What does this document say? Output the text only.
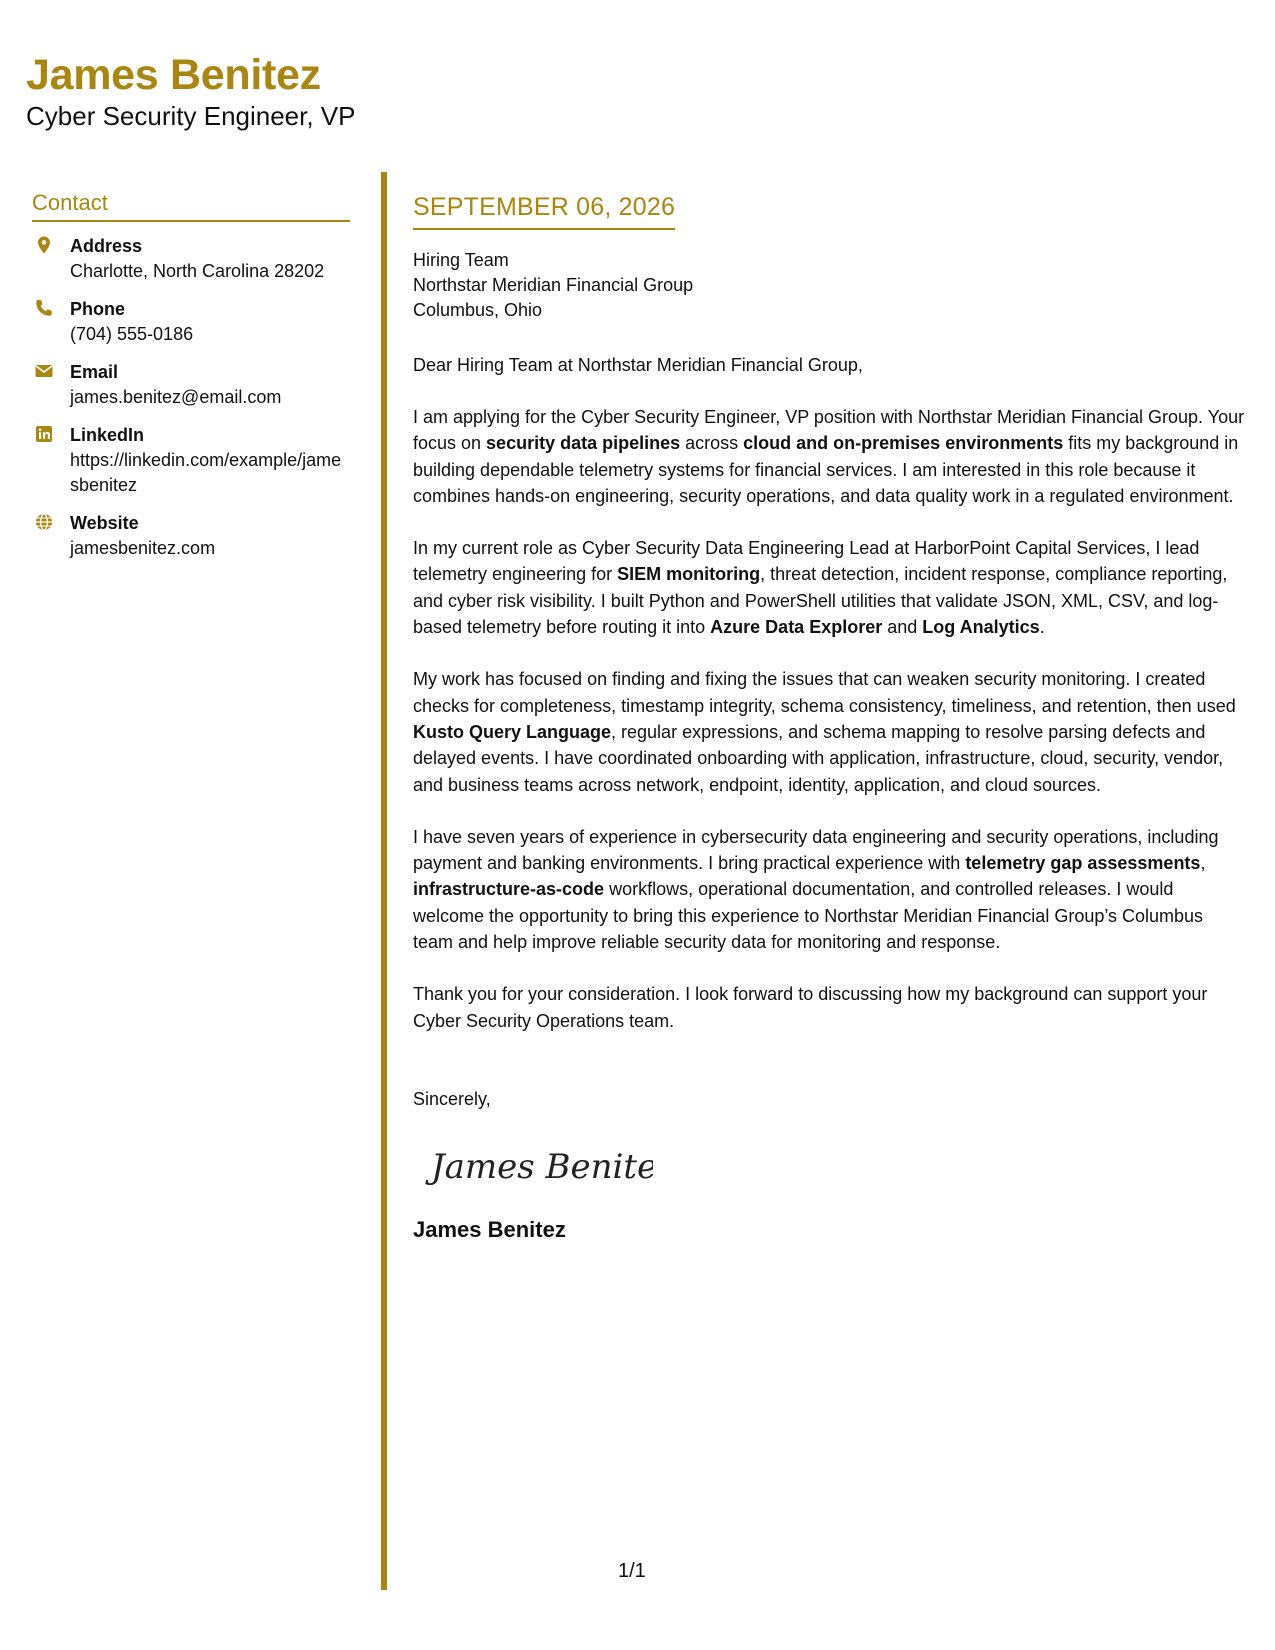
James Benitez
Cyber Security Engineer, VP
Contact
Address
Charlotte, North Carolina 28202
Phone
(704) 555-0186
Email
james.benitez@email.com
LinkedIn
https://linkedin.com/example/jamesbenitez
Website
jamesbenitez.com
SEPTEMBER 06, 2026
Hiring Team
Northstar Meridian Financial Group
Columbus, Ohio
Dear Hiring Team at Northstar Meridian Financial Group,
I am applying for the Cyber Security Engineer, VP position with Northstar Meridian Financial Group. Your focus on security data pipelines across cloud and on-premises environments fits my background in building dependable telemetry systems for financial services. I am interested in this role because it combines hands-on engineering, security operations, and data quality work in a regulated environment.
In my current role as Cyber Security Data Engineering Lead at HarborPoint Capital Services, I lead telemetry engineering for SIEM monitoring, threat detection, incident response, compliance reporting, and cyber risk visibility. I built Python and PowerShell utilities that validate JSON, XML, CSV, and log-based telemetry before routing it into Azure Data Explorer and Log Analytics.
My work has focused on finding and fixing the issues that can weaken security monitoring. I created checks for completeness, timestamp integrity, schema consistency, timeliness, and retention, then used Kusto Query Language, regular expressions, and schema mapping to resolve parsing defects and delayed events. I have coordinated onboarding with application, infrastructure, cloud, security, vendor, and business teams across network, endpoint, identity, application, and cloud sources.
I have seven years of experience in cybersecurity data engineering and security operations, including payment and banking environments. I bring practical experience with telemetry gap assessments, infrastructure-as-code workflows, operational documentation, and controlled releases. I would welcome the opportunity to bring this experience to Northstar Meridian Financial Group’s Columbus team and help improve reliable security data for monitoring and response.
Thank you for your consideration. I look forward to discussing how my background can support your Cyber Security Operations team.
Sincerely,
James Benitez
James Benitez
1/1
